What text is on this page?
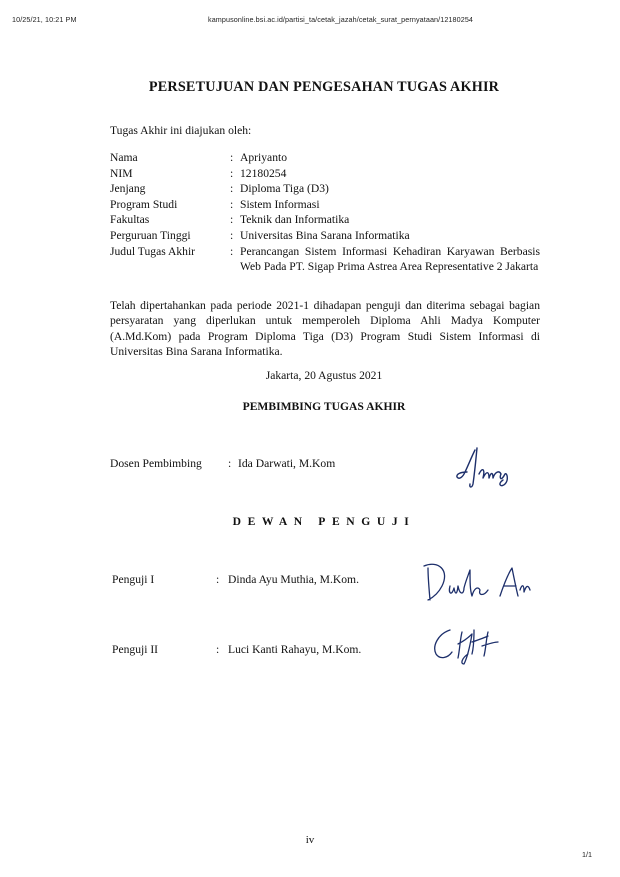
10/25/21, 10:21 PM	kampusonline.bsi.ac.id/partisi_ta/cetak_jazah/cetak_surat_pernyataan/12180254
PERSETUJUAN DAN PENGESAHAN TUGAS AKHIR
Tugas Akhir ini diajukan oleh:
Nama	:	Apriyanto
NIM	:	12180254
Jenjang	:	Diploma Tiga (D3)
Program Studi	:	Sistem Informasi
Fakultas	:	Teknik dan Informatika
Perguruan Tinggi	:	Universitas Bina Sarana Informatika
Judul Tugas Akhir	:	Perancangan Sistem Informasi Kehadiran Karyawan Berbasis Web Pada PT. Sigap Prima Astrea Area Representative 2 Jakarta

Telah dipertahankan pada periode 2021-1 dihadapan penguji dan diterima sebagai bagian persyaratan yang diperlukan untuk memperoleh Diploma Ahli Madya Komputer (A.Md.Kom) pada Program Diploma Tiga (D3) Program Studi Sistem Informasi di Universitas Bina Sarana Informatika.

Jakarta, 20 Agustus 2021
PEMBIMBING TUGAS AKHIR
Dosen Pembimbing : Ida Darwati, M.Kom
DEWAN PENGUJI
Penguji I	: Dinda Ayu Muthia, M.Kom.
Penguji II	: Luci Kanti Rahayu, M.Kom.
iv
1/1
